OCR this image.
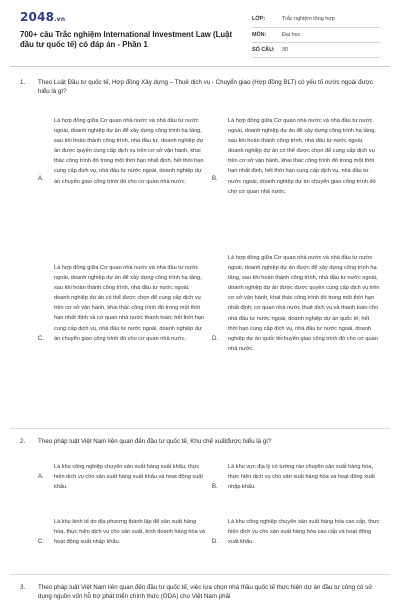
2048.vn
700+ câu Trắc nghiệm International Investment Law (Luật đầu tư quốc tế) có đáp án - Phần 1
LỚP:	Trắc nghiệm tổng hợp
MÔN:	Đại học
SỐ CÂU:	30
1.	Theo Luật Đầu tư quốc tế, Hợp đồng Xây dựng – Thuê dịch vụ - Chuyển giao (Hợp đồng BLT) có yếu tố nước ngoài được hiểu là gì?
A.
Là hợp đồng giữa Cơ quan nhà nước và nhà đầu tư nước ngoài, doanh nghiệp dự án để xây dựng công trình hạ tầng, sau khi hoàn thành công trình, nhà đầu tư, doanh nghiệp dự án được quyền cung cấp dịch vụ trên cơ sở vận hành, khai thác công trình đó trong một thời hạn nhất định, hết thời hạn cung cấp dịch vụ, nhà đầu tư nước ngoài, doanh nghiệp dự án chuyển giao công trình đó cho cơ quan nhà nước.	B.
Là hợp đồng giữa Cơ quan nhà nước và nhà đầu tư nước ngoài, doanh nghiệp dự án để xây dựng công trình hạ tầng, sau khi hoàn thành công trình, nhà đầu tư nước ngoài, doanh nghiệp dự án có thể được chọn để cung cấp dịch vụ trên cơ sở vận hành, khai thác công trình đó trong một thời hạn nhất định, hết thời hạn cung cấp dịch vụ, nhà đầu tư nước ngoài, doanh nghiệp dự án chuyển giao công trình đó cho cơ quan nhà nước.
C.
Là hợp đồng giữa Cơ quan nhà nước và nhà đầu tư nước ngoài, doanh nghiệp dự án để xây dựng công trình hạ tầng, sau khi hoàn thành công trình, nhà đầu tư nước ngoài, doanh nghiệp dự án có thể được chọn để cung cấp dịch vụ trên cơ sở vận hành, khai thác công trình đó trong một thời hạn nhất định và cơ quan nhà nước thanh toán; hết thời hạn cung cấp dịch vụ, nhà đầu tư nước ngoài, doanh nghiệp dự án chuyển giao công trình đó cho cơ quan nhà nước.	D.
Là hợp đồng giữa Cơ quan nhà nước và nhà đầu tư nước ngoài, doanh nghiệp dự án được để xây dựng công trình hạ tầng, sau khi hoàn thành công trình, nhà đầu tư nước ngoài, doanh nghiệp dự án được được quyền cung cấp dịch vụ trên cơ sở vận hành, khai thác công trình đó trong một thời hạn nhất định; cơ quan nhà nước thuê dịch vụ và thanh toán cho nhà đầu tư nước ngoài, doanh nghiệp dự án quốc tế; hết thời hạn cung cấp dịch vụ, nhà đầu tư nước ngoài, doanh nghiệp dự án quốc tếchuyển giao công trình đó cho cơ quan nhà nước.
2.	Theo pháp luật Việt Nam liên quan đến đầu tư quốc tế, Khu chế xuấtđược hiểu là gì?
A.
Là khu công nghiệp chuyên sản xuất hàng xuất khẩu, thực hiện dịch vụ cho sản xuất hàng xuất khẩu và hoạt động xuất khẩu.	B.
Là khu vực địa lý có tường rào chuyên sản xuất hàng hóa, thực hiện dịch vụ cho sản xuất hàng hóa và hoạt động xuất nhập khẩu.
C.
Là khu kinh tế do địa phương thành lập để sản xuất hàng hóa, thực hiện dịch vụ cho sản xuất, kinh doanh hàng hóa và hoạt động xuất nhập khẩu.	D.
Là khu công nghiệp chuyên sản xuất hàng hóa cao cấp, thực hiện dịch vụ cho sản xuất hàng hóa cao cấp và hoạt động xuất khẩu.
3.	Theo pháp luật Việt Nam liên quan đến đầu tư quốc tế, việc lựa chọn nhà thầu quốc tế thực hiện dự án đầu tư công có sử dụng nguồn vốn hỗ trợ phát triển chính thức (ODA) cho Việt Nam phải
